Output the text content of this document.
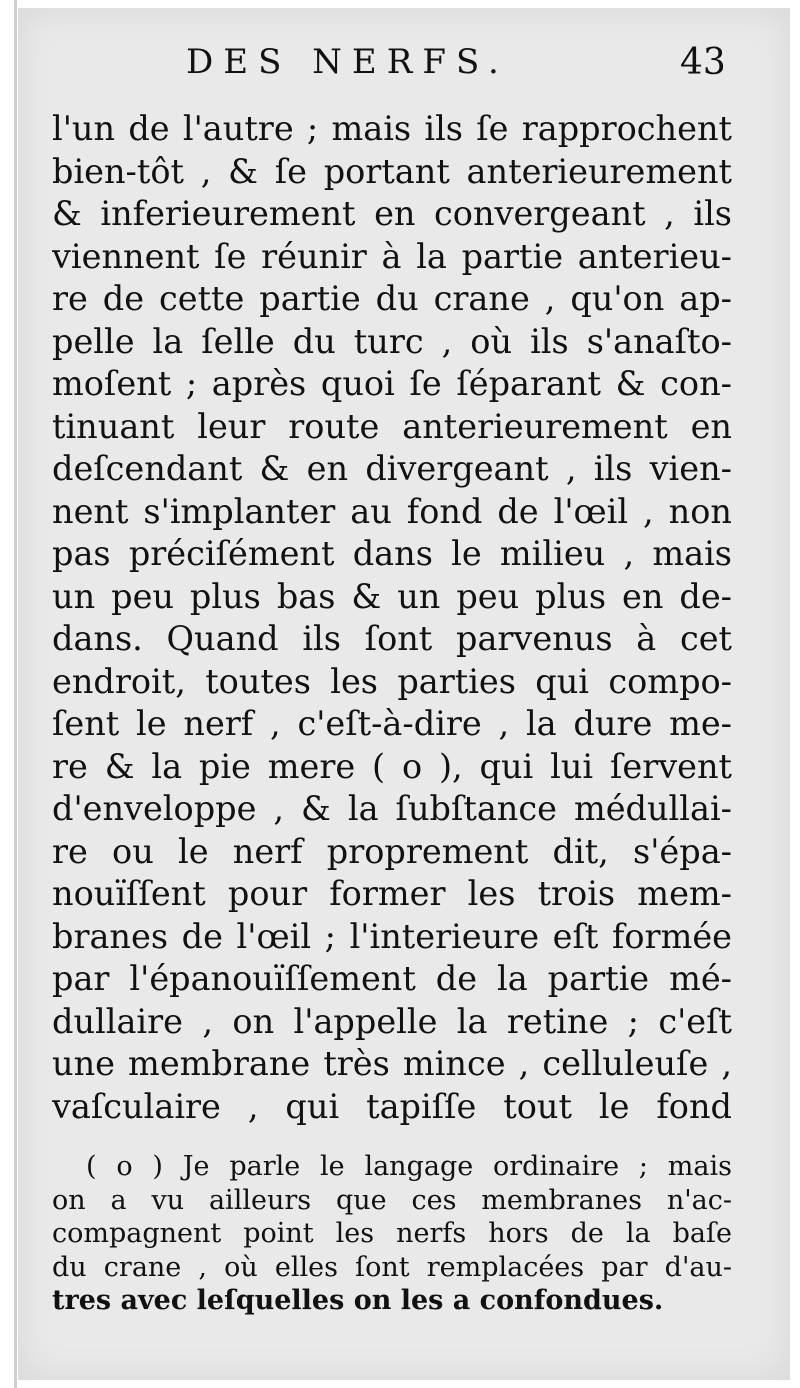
DES NERFS.	43
l'un de l'autre ; mais ils ſe rapprochent
bien-tôt , & ſe portant anterieurement
& inferieurement en convergeant , ils
viennent ſe réunir à la partie anterieu-
re de cette partie du crane , qu'on ap-
pelle la ſelle du turc , où ils s'anaſto-
moſent ; après quoi ſe ſéparant & con-
tinuant leur route anterieurement en
deſcendant & en divergeant , ils vien-
nent s'implanter au fond de l'œil , non
pas préciſément dans le milieu , mais
un peu plus bas & un peu plus en de-
dans. Quand ils ſont parvenus à cet
endroit, toutes les parties qui compo-
ſent le nerf , c'eſt-à-dire , la dure me-
re & la pie mere ( o ), qui lui ſervent
d'enveloppe , & la ſubſtance médullai-
re ou le nerf proprement dit, s'épa-
nouïſſent pour former les trois mem-
branes de l'œil ; l'interieure eſt formée
par l'épanouïſſement de la partie mé-
dullaire , on l'appelle la retine ; c'eſt
une membrane très mince , celluleuſe ,
vaſculaire , qui tapiſſe tout le fond
( o ) Je parle le langage ordinaire ; mais
on a vu ailleurs que ces membranes n'ac-
compagnent point les nerfs hors de la baſe
du crane , où elles ſont remplacées par d'au-
tres avec leſquelles on les a confondues.
